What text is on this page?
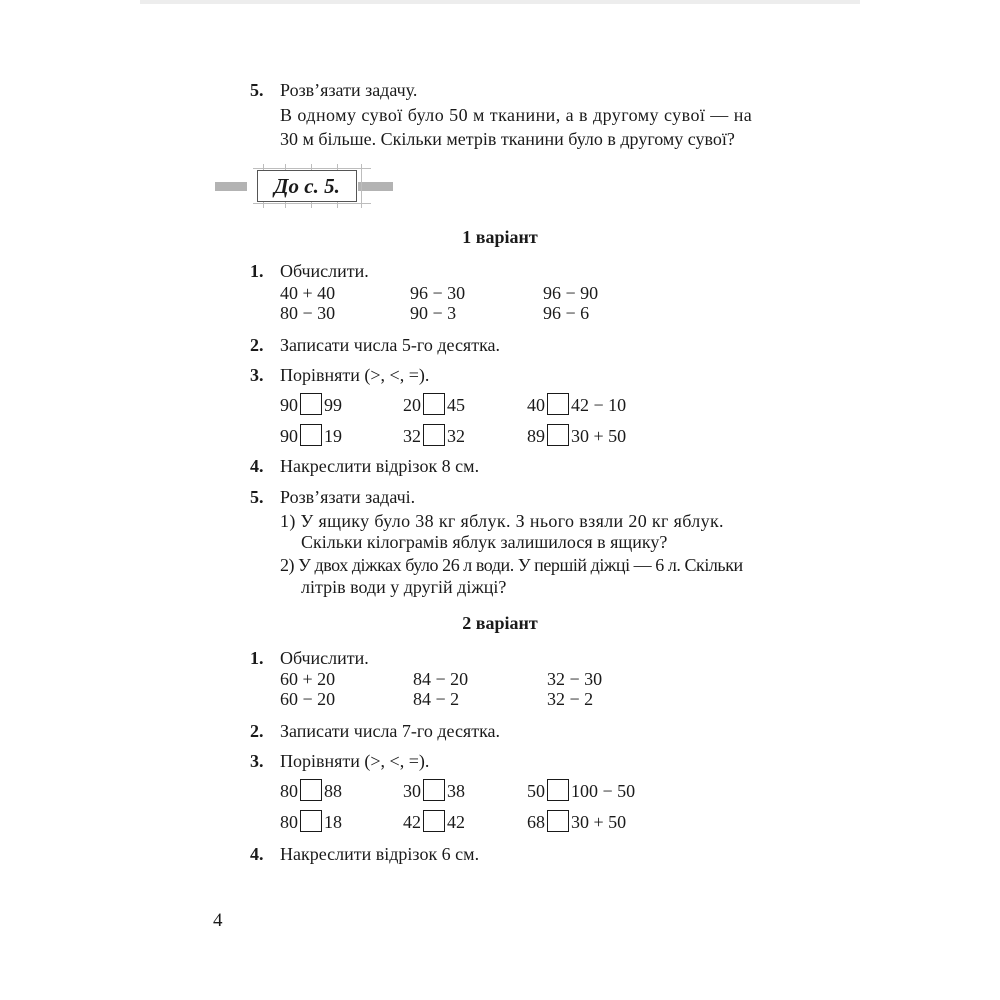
5. Розв’язати задачу.
В одному сувої було 50 м тканини, а в другому сувої — на
30 м більше. Скільки метрів тканини було в другому сувої?
До с. 5.
1 варіант
1. Обчислити.
40 + 40	96 − 30	96 − 90
80 − 30	90 − 3	96 − 6
2. Записати числа 5-го десятка.
3. Порівняти (>, <, =).
90 99	20 45	40 42 − 10
90 19	32 32	89 30 + 50
4. Накреслити відрізок 8 см.
5. Розв’язати задачі.
1) У ящику було 38 кг яблук. З нього взяли 20 кг яблук.
Скільки кілограмів яблук залишилося в ящику?
2) У двох діжках було 26 л води. У першій діжці — 6 л. Скільки
літрів води у другій діжці?
2 варіант
1. Обчислити.
60 + 20	84 − 20	32 − 30
60 − 20	84 − 2	32 − 2
2. Записати числа 7-го десятка.
3. Порівняти (>, <, =).
80 88	30 38	50 100 − 50
80 18	42 42	68 30 + 50
4. Накреслити відрізок 6 см.
4
